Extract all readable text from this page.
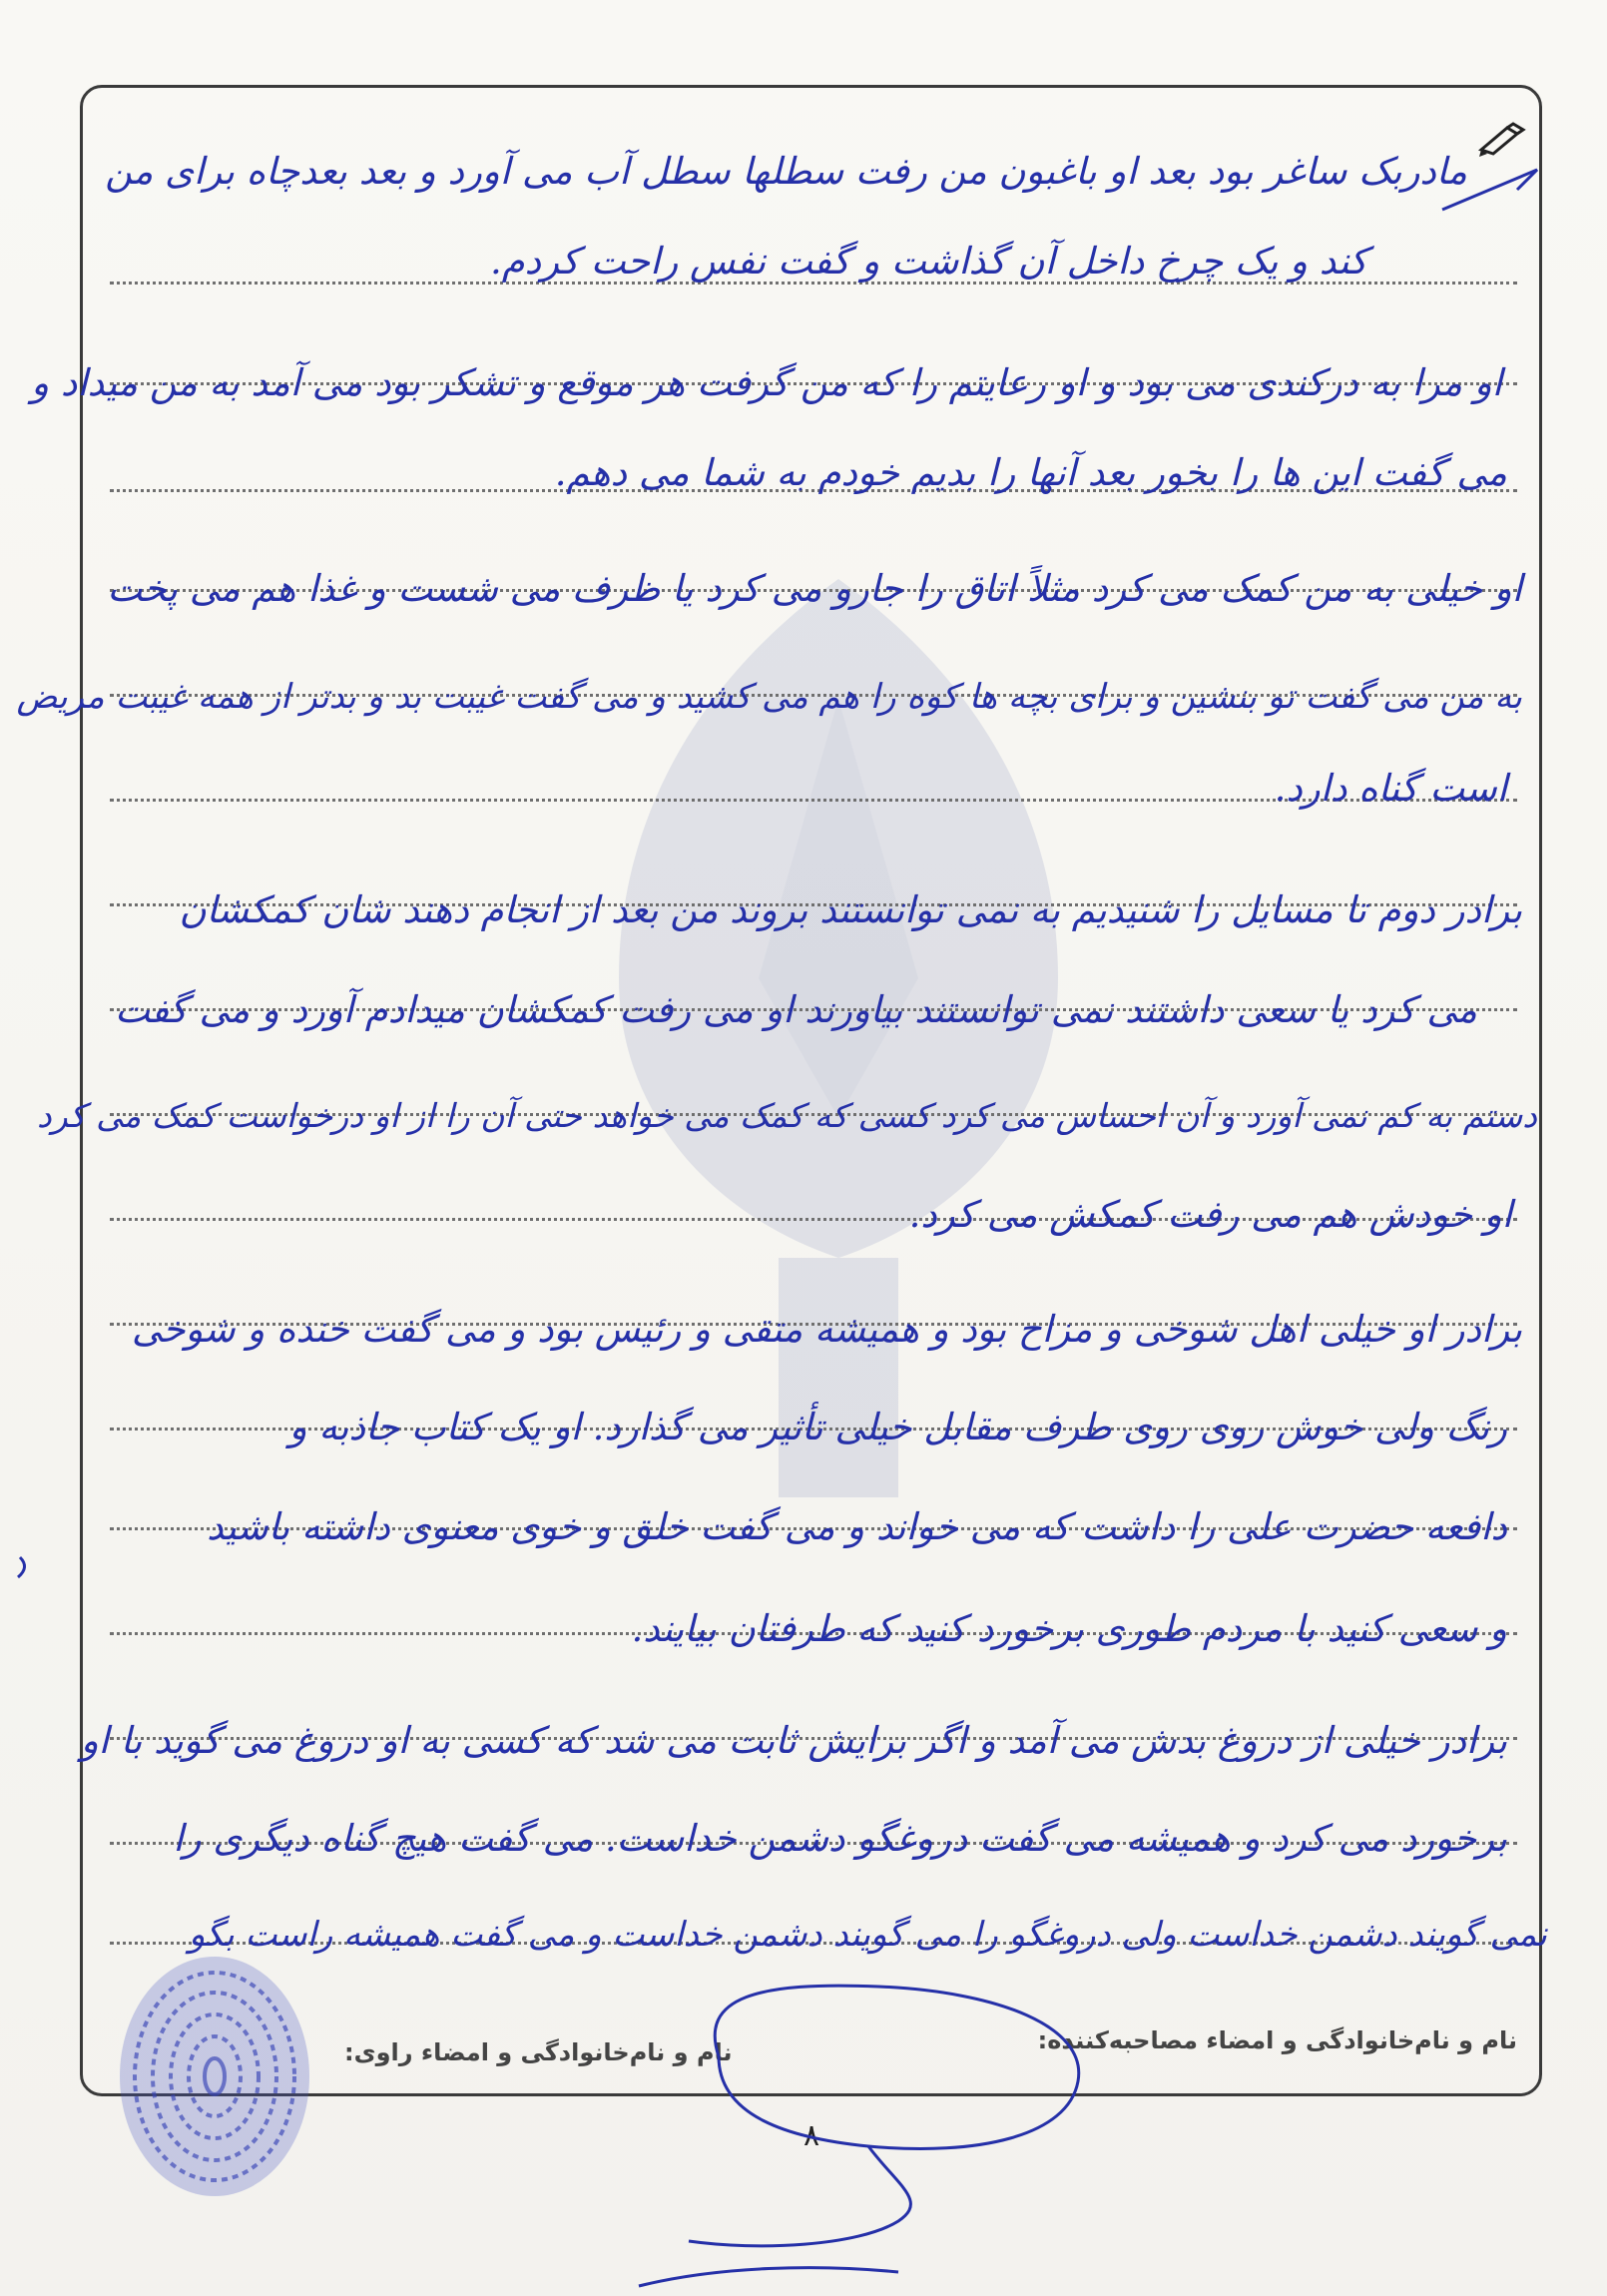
مادربک ساغر بود بعد او باغبون من رفت سطلها سطل آب می آورد و بعد بعدچاه برای من
کند و یک چرخ داخل آن گذاشت و گفت نفس راحت کردم.
او مرا به درکندی می بود و او رعایتم را که من گرفت هر موقع و تشکر بود می آمد به من میداد و
می گفت این ها را بخور بعد آنها را بدیم خودم به شما می دهم.
او خیلی به من کمک می کرد مثلاً اتاق را جارو می کرد یا ظرف می شست و غذا هم می پخت
به من می گفت تو بنشین و برای بچه ها کوه را هم می کشید و می گفت غیبت بد و بدتر از همه غیبت مریض
است گناه دارد.
برادر دوم تا مسایل را شنیدیم به نمی توانستند بروند من بعد از انجام دهند شان کمکشان
می کرد یا سعی داشتند نمی توانستند بیاورند او می رفت کمکشان میدادم آورد و می گفت
دستم به کم نمی آورد و آن احساس می کرد کسی که کمک می خواهد حتی آن را از او درخواست کمک می کرد
او خودش هم می رفت کمکش می کرد.
برادر او خیلی اهل شوخی و مزاح بود و همیشه متقی و رئیس بود و می گفت خنده و شوخی
رنگ ولی خوش روی روی طرف مقابل خیلی تأثیر می گذارد. او یک کتاب جاذبه و
دافعه حضرت علی را داشت که می خواند و می گفت خلق و خوی معنوی داشته باشید
و سعی کنید با مردم طوری برخورد کنید که طرفتان بیایند.
برادر خیلی از دروغ بدش می آمد و اگر برایش ثابت می شد که کسی به او دروغ می گوید با او
برخورد می کرد و همیشه می گفت دروغگو دشمن خداست. می گفت هیچ گناه دیگری را
نمی گویند دشمن خداست ولی دروغگو را می گویند دشمن خداست و می گفت همیشه راست بگو
نام و نام‌خانوادگی و امضاء مصاحبه‌کننده:
نام و نام‌خانوادگی و امضاء راوی:
۸
